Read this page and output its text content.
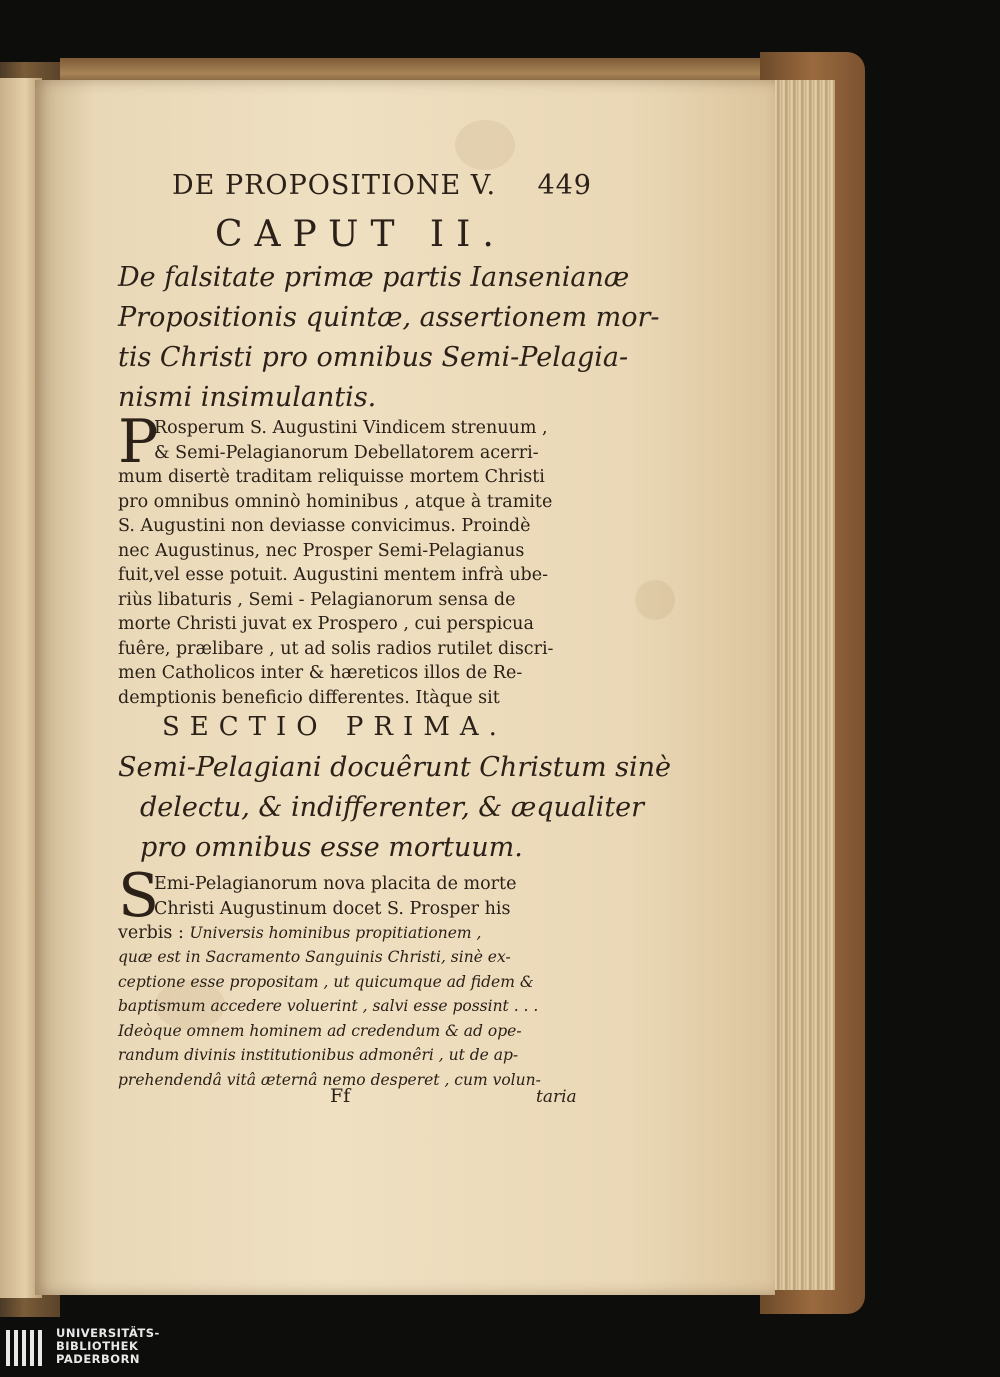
DE PROPOSITIONE V. 449
CAPUT II.
De falsitate primæ partis Iansenianæ
Propositionis quintæ, assertionem mor-
tis Christi pro omnibus Semi-Pelagia-
nismi insimulantis.
P
Rosperum S. Augustini Vindicem strenuum ,
& Semi-Pelagianorum Debellatorem acerri-
mum disertè traditam reliquisse mortem Christi
pro omnibus omninò hominibus , atque à tramite
S. Augustini non deviasse convicimus. Proindè
nec Augustinus, nec Prosper Semi-Pelagianus
fuit,vel esse potuit. Augustini mentem infrà ube-
riùs libaturis , Semi - Pelagianorum sensa de
morte Christi juvat ex Prospero , cui perspicua
fuêre, prælibare , ut ad solis radios rutilet discri-
men Catholicos inter & hæreticos illos de Re-
demptionis beneficio differentes. Itàque sit
SECTIO PRIMA.
Semi-Pelagiani docuêrunt Christum sinè
delectu, & indifferenter, & æqualiter
pro omnibus esse mortuum.
S
Emi-Pelagianorum nova placita de morte
Christi Augustinum docet S. Prosper his
verbis : Universis hominibus propitiationem ,
quæ est in Sacramento Sanguinis Christi, sinè ex-
ceptione esse propositam , ut quicumque ad fidem &
baptismum accedere voluerint , salvi esse possint . . .
Ideòque omnem hominem ad credendum & ad ope-
randum divinis institutionibus admonêri , ut de ap-
prehendendâ vitâ æternâ nemo desperet , cum volun-
Ff	taria
UNIVERSITÄTS-
BIBLIOTHEK
PADERBORN
